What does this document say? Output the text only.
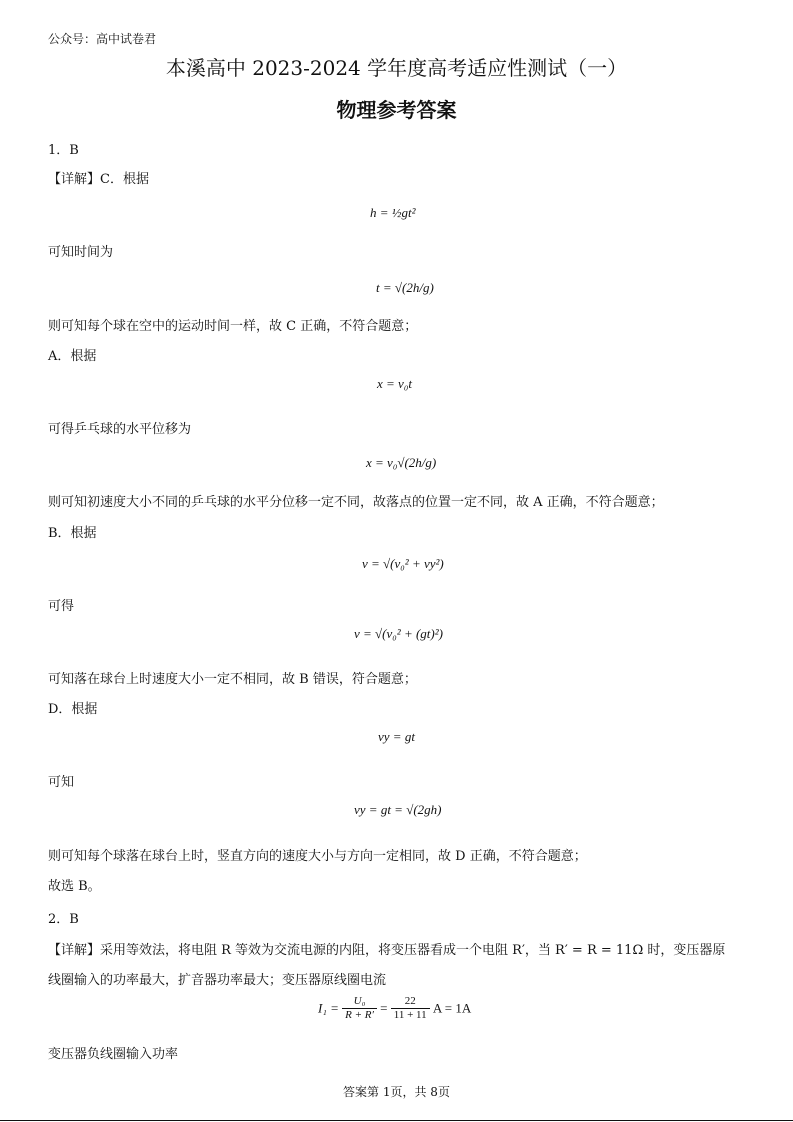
公众号：高中试卷君
本溪高中 2023-2024 学年度高考适应性测试（一）
物理参考答案
1．B
【详解】C．根据
h = ½gt²
可知时间为
t = √(2h/g)
则可知每个球在空中的运动时间一样，故 C 正确，不符合题意；
A．根据
x = v₀t
可得乒乓球的水平位移为
x = v₀√(2h/g)
则可知初速度大小不同的乒乓球的水平分位移一定不同，故落点的位置一定不同，故 A 正确，不符合题意；
B．根据
v = √(v₀² + vy²)
可得
v = √(v₀² + (gt)²)
可知落在球台上时速度大小一定不相同，故 B 错误，符合题意；
D．根据
vy = gt
可知
vy = gt = √(2gh)
则可知每个球落在球台上时，竖直方向的速度大小与方向一定相同，故 D 正确，不符合题意；
故选 B。
2．B
【详解】采用等效法，将电阻 R 等效为交流电源的内阻，将变压器看成一个电阻 R′，当 R′ = R = 11Ω 时，变压器原
线圈输入的功率最大，扩音器功率最大；变压器原线圈电流
$I_1 = \frac{\text{U₀}}{R + R'} = \frac{22}{11 + 11}$ A = 1A
变压器负线圈输入功率
答案第 1页，共 8页
